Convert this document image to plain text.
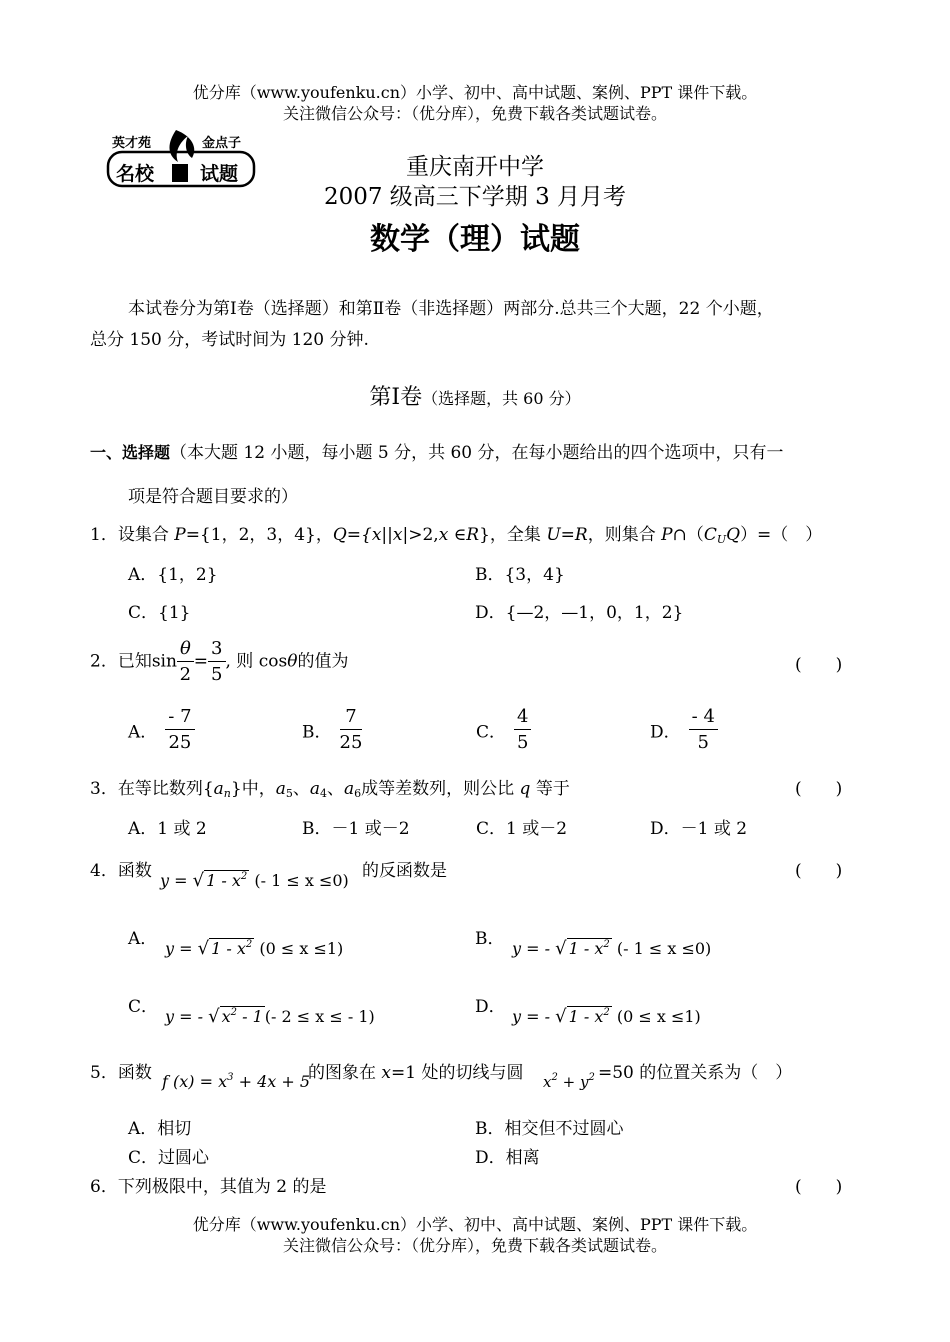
优分库（www.youfenku.cn）小学、初中、高中试题、案例、PPT 课件下载。
关注微信公众号：（优分库），免费下载各类试题试卷。
英才苑	金点子
名校 试题	重庆南开中学
2007 级高三下学期 3 月月考
数学（理）试题
本试卷分为第Ⅰ卷（选择题）和第Ⅱ卷（非选择题）两部分.总共三个大题，22 个小题，
总分 150 分，考试时间为 120 分钟.
第Ⅰ卷（选择题，共 60 分）
一、选择题（本大题 12 小题，每小题 5 分，共 60 分，在每小题给出的四个选项中，只有一
项是符合题目要求的）
1．设集合 P={1，2，3，4}，Q={x||x|>2,x ∈R}，全集 U=R，则集合 $P\cap(C_UQ)=$（　）
A．{1，2}	B．{3，4}
C．{1}	D．{—2，—1，0，1，2}
2．已知$\sin \frac{\theta}{2} = \frac{3}{5}$ , 则 cosθ的值为	(　　)
A． $\frac{- 7}{25}$	B． $\frac{7}{25}$	C． $\frac{4}{5}$	D． $\frac{- 4}{5}$
3．在等比数列$\{a_n\}$中，$a_5$、$a_4$、$a_6$成等差数列，则公比 q 等于	(　　)
A．1 或 2	B．－1 或－2	C．1 或－2	D．－1 或 2
4．函数 y = √ $1 - x^2$ (- 1 ≤ x ≤0) 的反函数是	(　　)
A． y = √ $1 - x^2$ (0 ≤ x ≤1)	B． y = - √ $1 - x^2$ (- 1 ≤ x ≤0)
C． y = - √ $x^2 - 1$ (- 2 ≤ x ≤ - 1)	D． y = - √ $1 - x^2$ (0 ≤ x ≤1)
5．函数 f $(x) = x^3 + 4x + 5$
的图象在 x=1 处的切线与圆 $x^2 + y^2 =50$ 的位置关系为（　）
A．相切	B．相交但不过圆心
C．过圆心	D．相离
6．下列极限中，其值为 2 的是	(　　)
优分库（www.youfenku.cn）小学、初中、高中试题、案例、PPT 课件下载。
关注微信公众号：（优分库），免费下载各类试题试卷。
